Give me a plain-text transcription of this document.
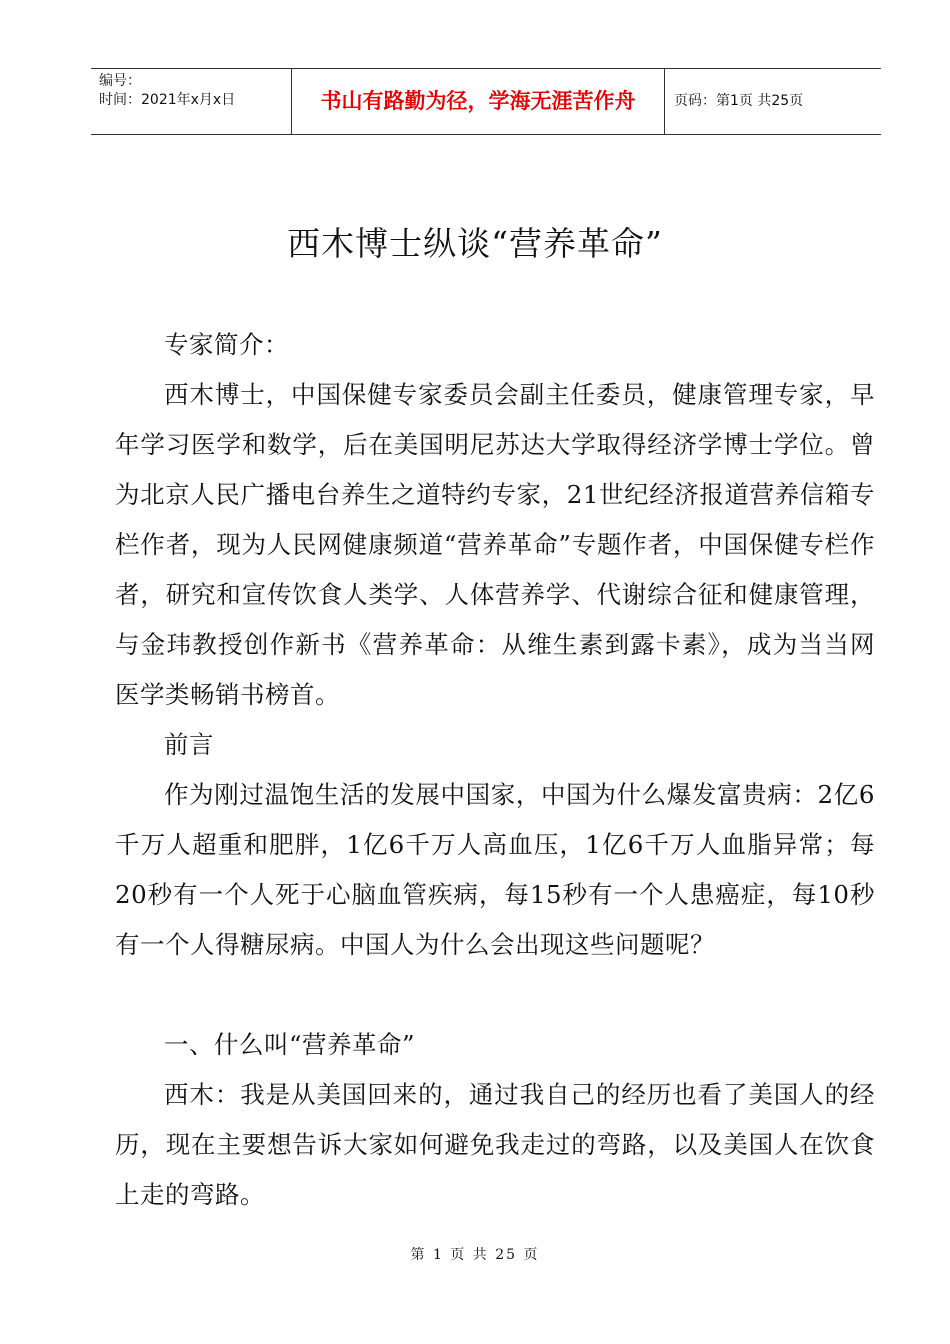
编号：
时间：2021年x月x日	书山有路勤为径，学海无涯苦作舟	页码：第1页 共25页
西木博士纵谈“营养革命”

专家简介：

西木博士，中国保健专家委员会副主任委员，健康管理专家，早年学习医学和数学，后在美国明尼苏达大学取得经济学博士学位。曾为北京人民广播电台养生之道特约专家，21世纪经济报道营养信箱专栏作者，现为人民网健康频道“营养革命”专题作者，中国保健专栏作者，研究和宣传饮食人类学、人体营养学、代谢综合征和健康管理，与金玮教授创作新书《营养革命：从维生素到露卡素》，成为当当网医学类畅销书榜首。

前言

作为刚过温饱生活的发展中国家，中国为什么爆发富贵病：2亿6千万人超重和肥胖，1亿6千万人高血压，1亿6千万人血脂异常；每20秒有一个人死于心脑血管疾病，每15秒有一个人患癌症，每10秒有一个人得糖尿病。中国人为什么会出现这些问题呢？

一、什么叫“营养革命”

西木：我是从美国回来的，通过我自己的经历也看了美国人的经历，现在主要想告诉大家如何避免我走过的弯路，以及美国人在饮食上走的弯路。

第 1 页 共 25 页
